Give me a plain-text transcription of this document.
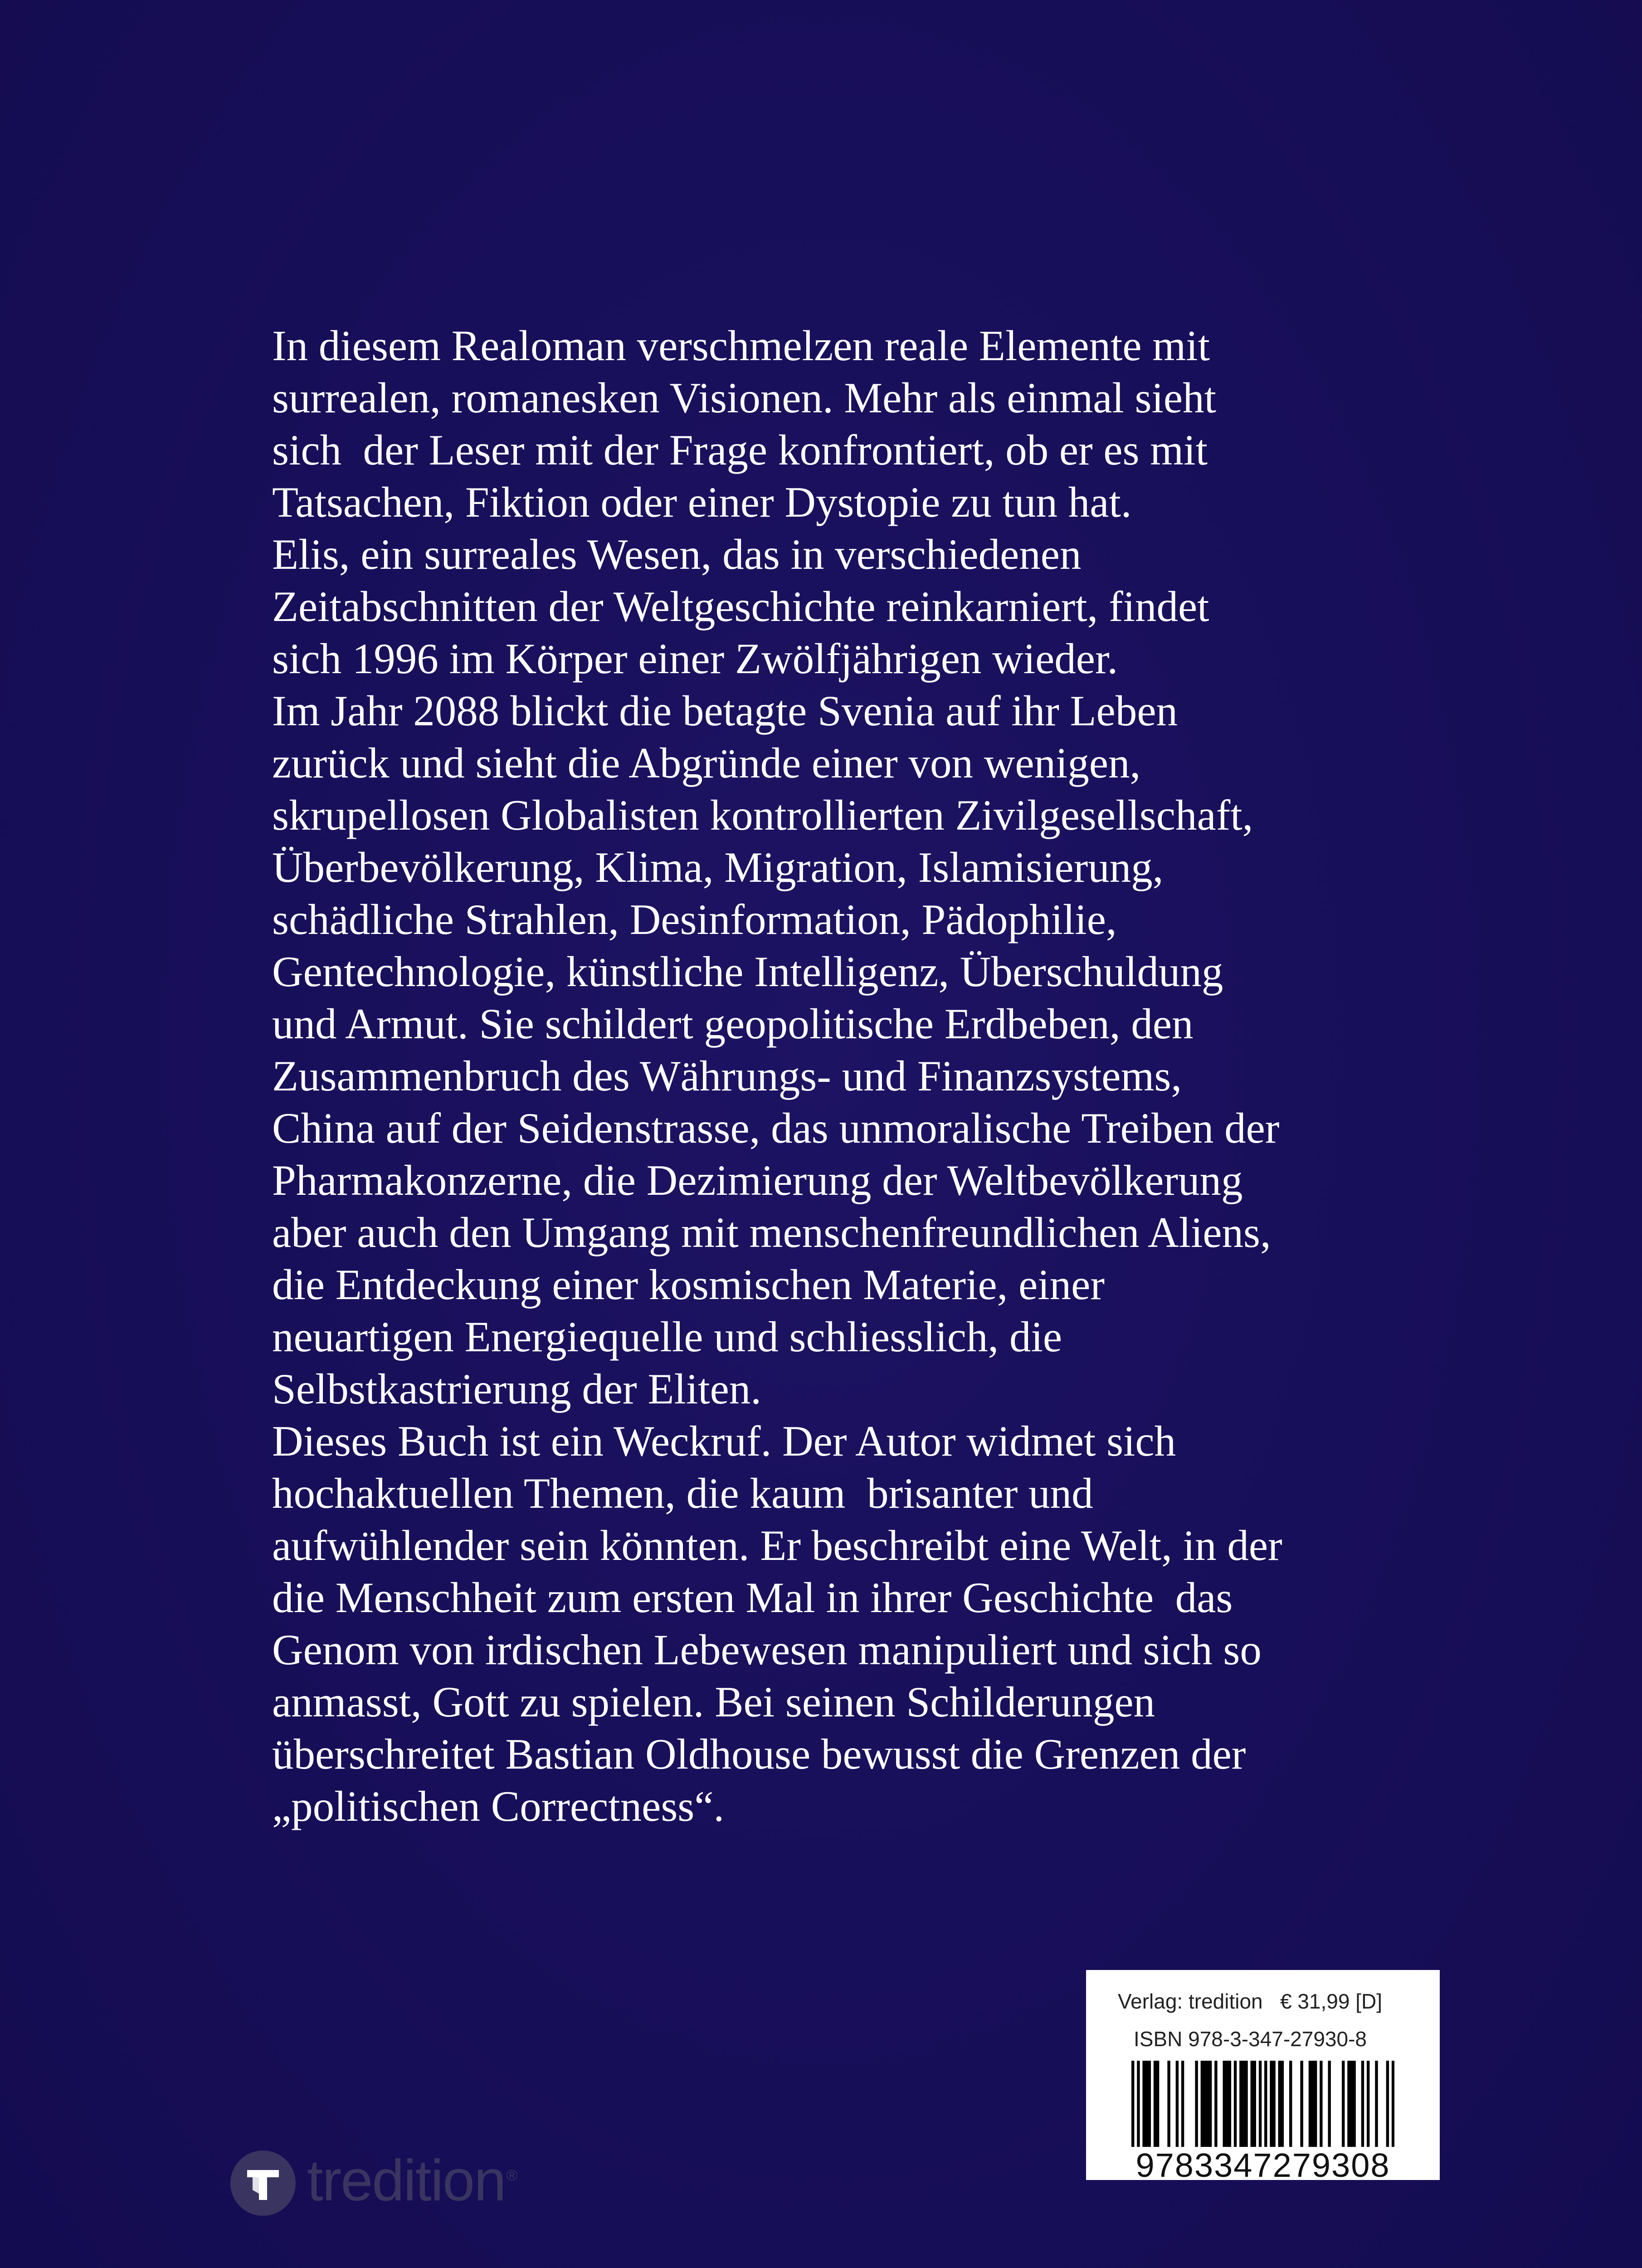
In diesem Realoman verschmelzen reale Elemente mit
surrealen, romanesken Visionen. Mehr als einmal sieht
sich  der Leser mit der Frage konfrontiert, ob er es mit
Tatsachen, Fiktion oder einer Dystopie zu tun hat.
Elis, ein surreales Wesen, das in verschiedenen
Zeitabschnitten der Weltgeschichte reinkarniert, findet
sich 1996 im Körper einer Zwölfjährigen wieder.
Im Jahr 2088 blickt die betagte Svenia auf ihr Leben
zurück und sieht die Abgründe einer von wenigen,
skrupellosen Globalisten kontrollierten Zivilgesellschaft,
Überbevölkerung, Klima, Migration, Islamisierung,
schädliche Strahlen, Desinformation, Pädophilie,
Gentechnologie, künstliche Intelligenz, Überschuldung
und Armut. Sie schildert geopolitische Erdbeben, den
Zusammenbruch des Währungs- und Finanzsystems,
China auf der Seidenstrasse, das unmoralische Treiben der
Pharmakonzerne, die Dezimierung der Weltbevölkerung
aber auch den Umgang mit menschenfreundlichen Aliens,
die Entdeckung einer kosmischen Materie, einer
neuartigen Energiequelle und schliesslich, die
Selbstkastrierung der Eliten.
Dieses Buch ist ein Weckruf. Der Autor widmet sich
hochaktuellen Themen, die kaum  brisanter und
aufwühlender sein könnten. Er beschreibt eine Welt, in der
die Menschheit zum ersten Mal in ihrer Geschichte  das
Genom von irdischen Lebewesen manipuliert und sich so
anmasst, Gott zu spielen. Bei seinen Schilderungen
überschreitet Bastian Oldhouse bewusst die Grenzen der
„politischen Correctness“.
Verlag: tredition   € 31,99 [D]
ISBN 978-3-347-27930-8
9783347279308
tredition®
